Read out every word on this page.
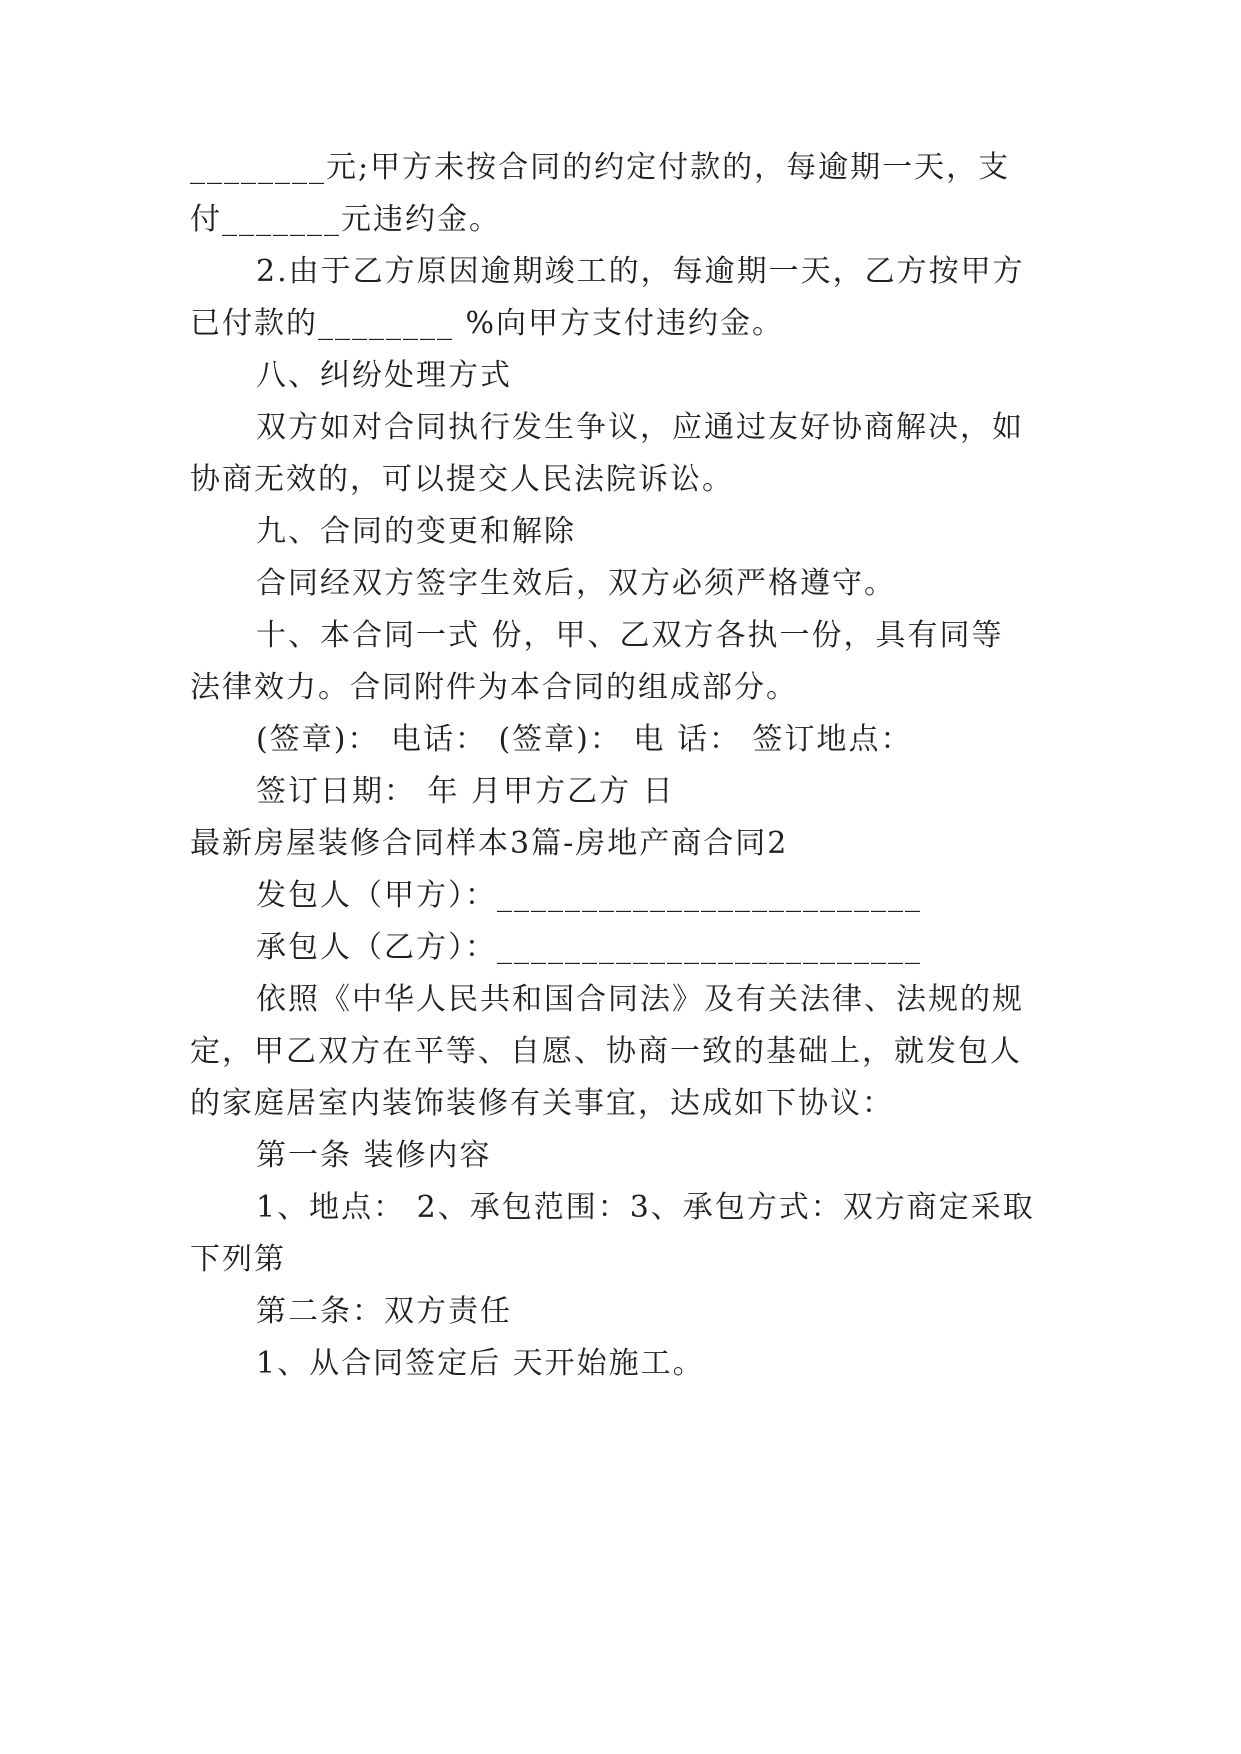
________元;甲方未按合同的约定付款的，每逾期一天，支
付_______元违约金。
2.由于乙方原因逾期竣工的，每逾期一天，乙方按甲方
已付款的________ %向甲方支付违约金。
八、纠纷处理方式
双方如对合同执行发生争议，应通过友好协商解决，如
协商无效的，可以提交人民法院诉讼。
九、合同的变更和解除
合同经双方签字生效后，双方必须严格遵守。
十、本合同一式 份，甲、乙双方各执一份，具有同等
法律效力。合同附件为本合同的组成部分。
(签章)： 电话： (签章)： 电 话： 签订地点：
签订日期： 年 月甲方乙方 日
最新房屋装修合同样本3篇-房地产商合同2
发包人（甲方）：_________________________
承包人（乙方）：_________________________
依照《中华人民共和国合同法》及有关法律、法规的规
定，甲乙双方在平等、自愿、协商一致的基础上，就发包人
的家庭居室内装饰装修有关事宜，达成如下协议：
第一条 装修内容
1、地点： 2、承包范围：3、承包方式：双方商定采取
下列第
第二条：双方责任
1、从合同签定后 天开始施工。
